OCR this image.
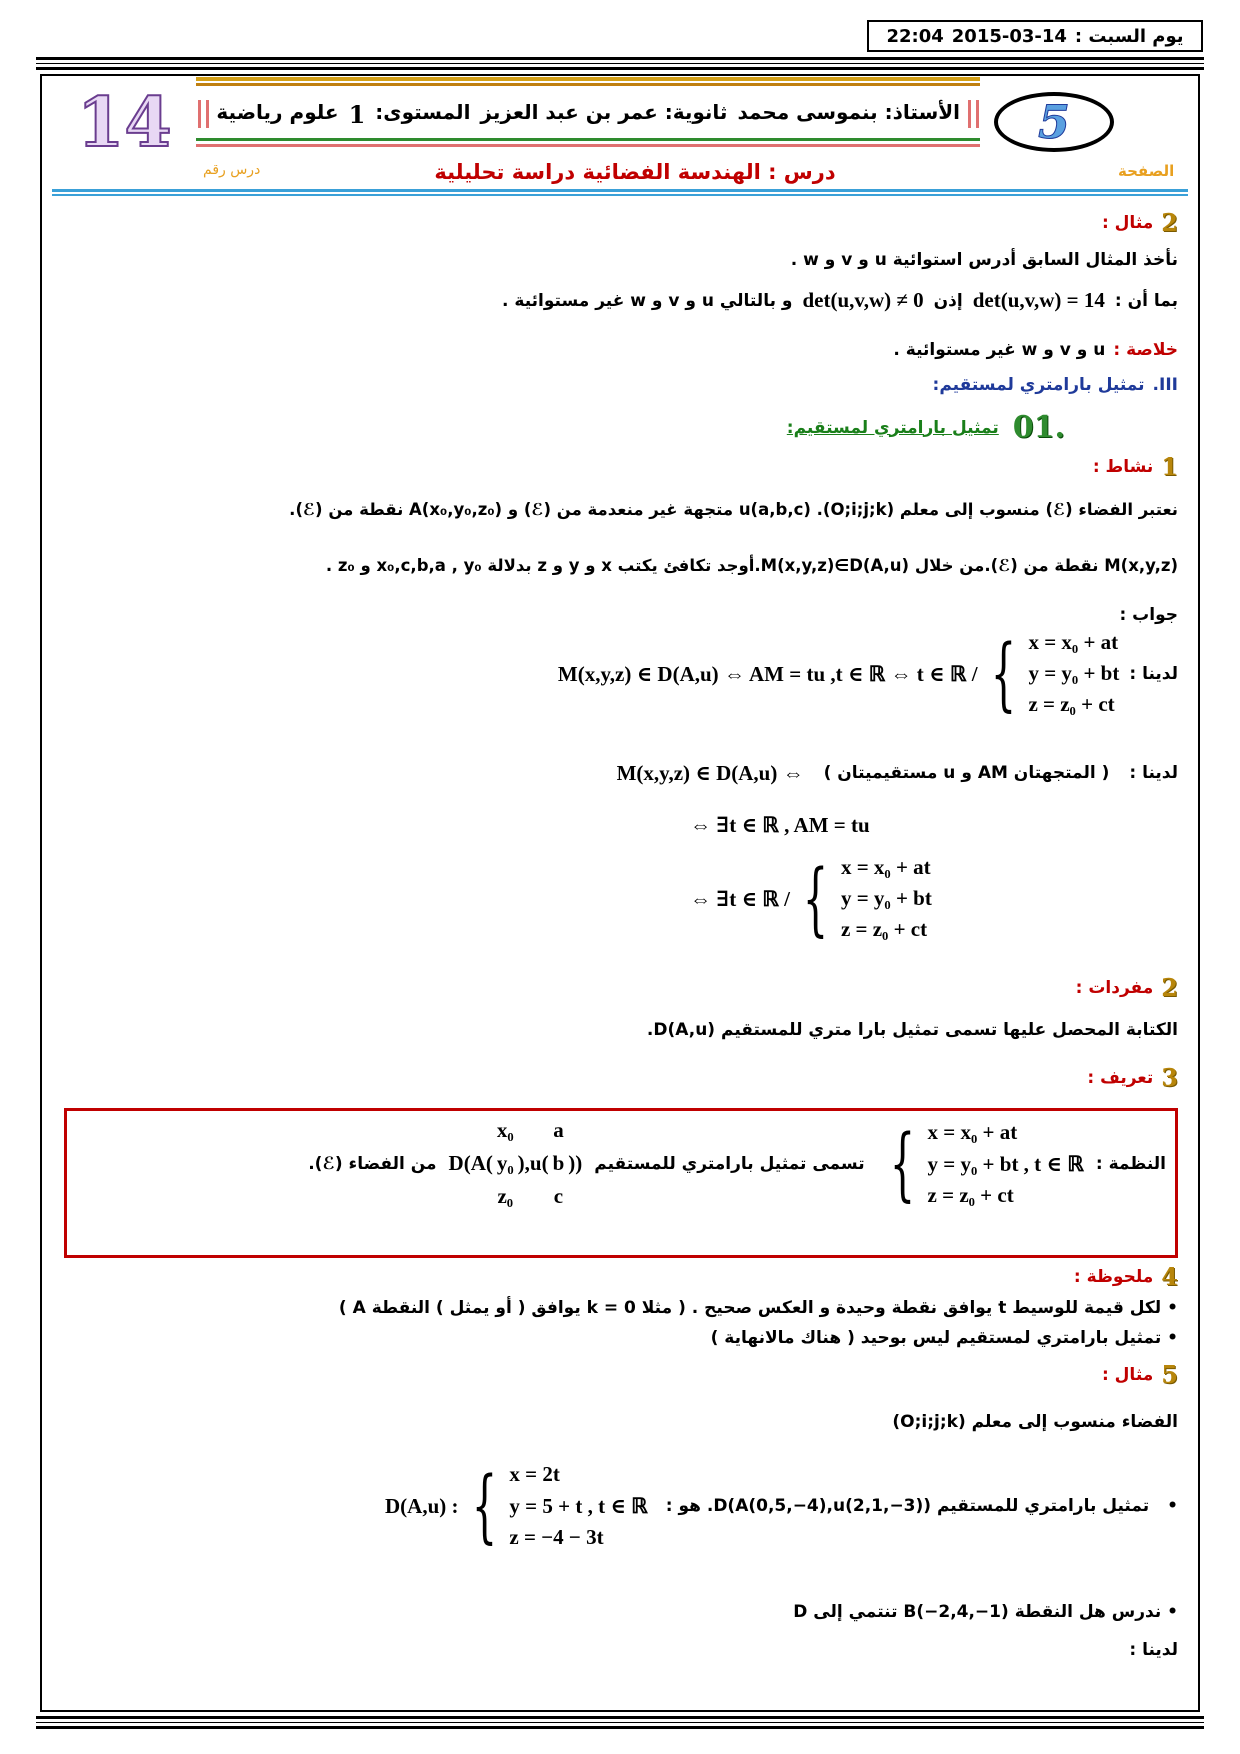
يوم السبت :
2015-03-14
22:04
14	الأستاذ: بنموسى محمد
ثانوية: عمر بن عبد العزيز
المستوى:
1
علوم رياضية	5
الصفحة
درس رقم	درس : الهندسة الفضائية دراسة تحليلية
2
مثال :
نأخذ المثال السابق أدرس استوائية u و v و w .
بما أن :
det(u,v,w) = 14
إذن
det(u,v,w) ≠ 0
و بالتالي u و v و w غير مستوائية .
خلاصة :
u و v و w غير مستوائية .
III.
تمثيل بارامتري لمستقيم:
.01
تمثيل بارامتري لمستقيم:
1
نشاط :
نعتبر الفضاء (ℰ) منسوب إلى معلم (O;i;j;k). u(a,b,c) متجهة غير منعدمة من (ℰ) و A(x₀,y₀,z₀) نقطة من (ℰ).
M(x,y,z) نقطة من (ℰ).من خلال M(x,y,z)∈D(A,u).أوجد تكافئ يكتب x و y و z بدلالة x₀,c,b,a , y₀ و z₀ .
جواب :
لدينا :
M(x,y,z) ∈ D(A,u) ⇔ AM = tu ,t ∈ ℝ ⇔ t ∈ ℝ / { x = x₀ + at
y = y₀ + bt
z = z₀ + ct
لدينا :
( المتجهتان AM و u مستقيميتان )
M(x,y,z) ∈ D(A,u) ⇔
⇔ ∃t ∈ ℝ , AM = tu
⇔ ∃t ∈ ℝ / { x = x₀ + at
y = y₀ + bt
z = z₀ + ct
2
مفردات :
الكتابة المحصل عليها تسمى تمثيل بارا متري للمستقيم D(A,u).
3
تعريف :
النظمة :
{ x = x₀ + at
y = y₀ + bt , t ∈ ℝ
z = z₀ + ct
تسمى تمثيل بارامتري للمستقيم
D(A(
x₀
y₀
z₀
),u(
a
b
c
))
من الفضاء (ℰ).
4
ملحوظة :
• لكل قيمة للوسيط t يوافق نقطة وحيدة و العكس صحيح . ( مثلا k = 0 يوافق ( أو يمثل ) النقطة A )
• تمثيل بارامتري لمستقيم ليس بوحيد ( هناك مالانهاية )
5
مثال :
الفضاء منسوب إلى معلم (O;i;j;k)
•
تمثيل بارامتري للمستقيم D(A(0,5,−4),u(2,1,−3)). هو :
D(A,u) : { x = 2t
y = 5 + t , t ∈ ℝ
z = −4 − 3t
• ندرس هل النقطة B(−2,4,−1) تنتمي إلى D
لدينا :
